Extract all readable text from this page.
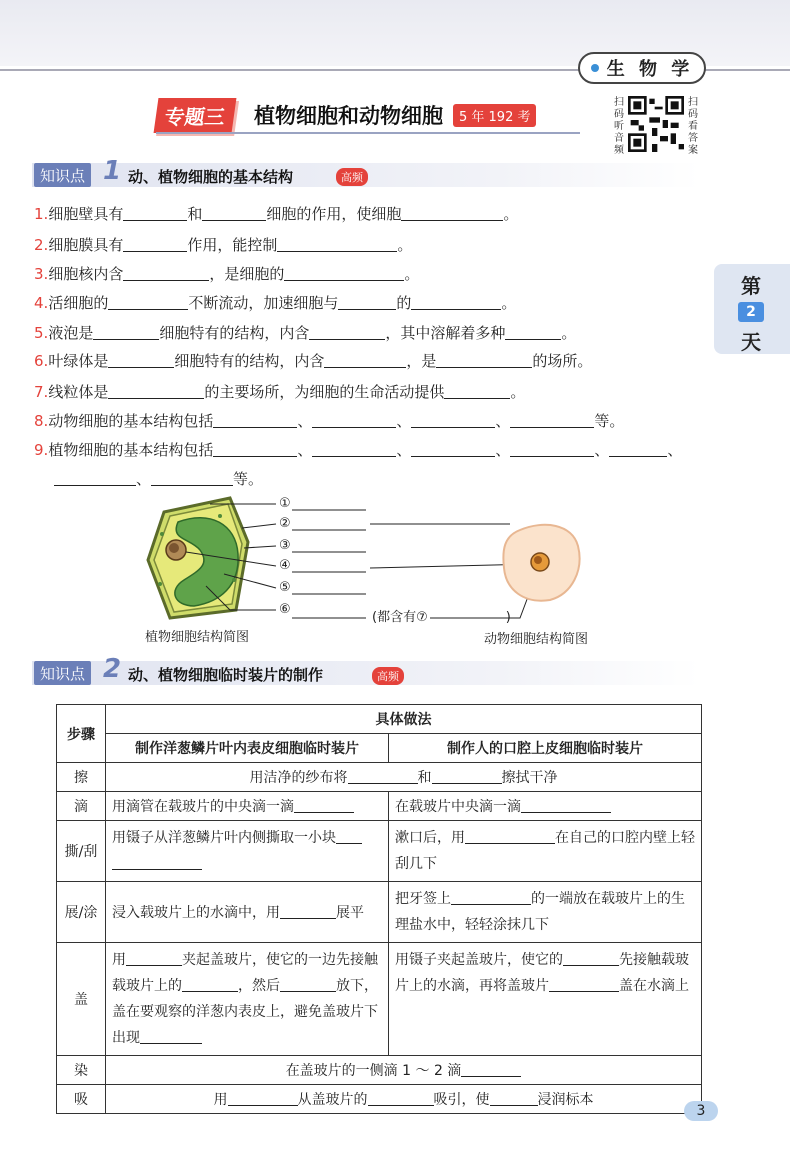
生 物 学
专题三	植物细胞和动物细胞	5 年 192 考
扫码听音频
扫码看答案
第
2
天
知识点 1 动、植物细胞的基本结构	高频
1.细胞壁具有	和	细胞的作用，使细胞	。
2.细胞膜具有	作用，能控制	。
3.细胞核内含	，是细胞的	。
4.活细胞的	不断流动，加速细胞与	的	。
5.液泡是	细胞特有的结构，内含	，其中溶解着多种	。
6.叶绿体是	细胞特有的结构，内含	，是	的场所。
7.线粒体是	的主要场所，为细胞的生命活动提供	。
8.动物细胞的基本结构包括	、	、	、	等。
9.植物细胞的基本结构包括	、	、	、	、	、
、	等。
①
②
③
④
⑤
⑥
(都含有⑦	)
植物细胞结构简图	动物细胞结构简图
知识点 2 动、植物细胞临时装片的制作	高频
步骤	具体做法	
	制作洋葱鳞片叶内表皮细胞临时装片	制作人的口腔上皮细胞临时装片
擦	用洁净的纱布将 和 擦拭干净	
滴	用滴管在载玻片的中央滴一滴	在载玻片中央滴一滴
撕/刮	用镊子从洋葱鳞片叶内侧撕取一小块	漱口后，用 在自己的口腔内壁上轻刮几下
展/涂	浸入载玻片上的水滴中，用 展平	把牙签上 的一端放在载玻片上的生理盐水中，轻轻涂抹几下
盖	用 夹起盖玻片，使它的一边先接触载玻片上的 ，然后 放下，盖在要观察的洋葱内表皮上，避免盖玻片下出现	用镊子夹起盖玻片，使它的 先接触载玻片上的水滴，再将盖玻片 盖在水滴上
染	在盖玻片的一侧滴 1 ～ 2 滴	
吸	用 从盖玻片的 吸引，使 浸润标本	
3
